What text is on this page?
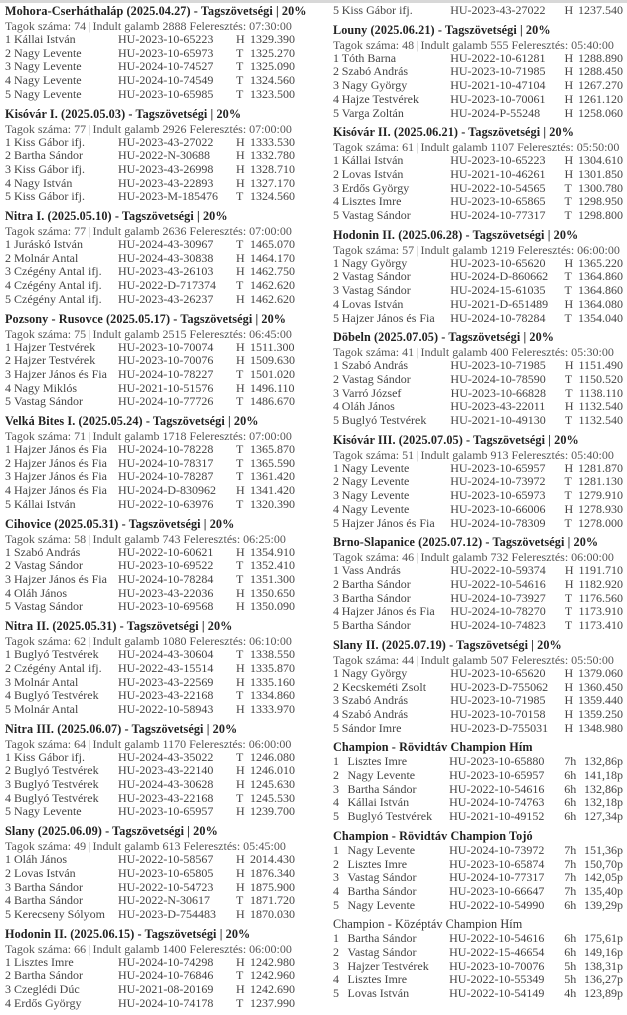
Mohora-Cserháthaláp (2025.04.27) - Tagszövetségi | 20%
Tagok száma: 74 | Indult galamb 2888 Feleresztés: 07:30:00
1 Kállai István	HU-2023-10-65223	H 1329.390
2 Nagy Levente	HU-2023-10-65973	T 1325.270
3 Nagy Levente	HU-2024-10-74527	T 1325.090
4 Nagy Levente	HU-2024-10-74549	T 1324.560
5 Nagy Levente	HU-2023-10-65985	T 1323.500
Kisóvár I. (2025.05.03) - Tagszövetségi | 20%
Tagok száma: 77 | Indult galamb 2926 Feleresztés: 07:00:00
1 Kiss Gábor ifj.	HU-2023-43-27022	H 1333.530
2 Bartha Sándor	HU-2022-N-30688	H 1332.780
3 Kiss Gábor ifj.	HU-2023-43-26998	H 1328.710
4 Nagy István	HU-2023-43-22893	H 1327.170
5 Kiss Gábor ifj.	HU-2023-M-185476	T 1324.560
Nitra I. (2025.05.10) - Tagszövetségi | 20%
Tagok száma: 77 | Indult galamb 2636 Feleresztés: 07:00:00
1 Juráskó István	HU-2024-43-30967	T 1465.070
2 Molnár Antal	HU-2024-43-30838	H 1464.170
3 Czégény Antal ifj.	HU-2023-43-26103	H 1462.750
4 Czégény Antal ifj.	HU-2022-D-717374	T 1462.620
5 Czégény Antal ifj.	HU-2023-43-26237	H 1462.620
Pozsony - Rusovce (2025.05.17) - Tagszövetségi | 20%
Tagok száma: 75 | Indult galamb 2515 Feleresztés: 06:45:00
1 Hajzer Testvérek	HU-2023-10-70074	H 1511.300
2 Hajzer Testvérek	HU-2023-10-70076	H 1509.630
3 Hajzer János és Fia HU-2024-10-78227	T 1501.020
4 Nagy Miklós	HU-2021-10-51576	H 1496.110
5 Vastag Sándor	HU-2024-10-77726	T 1486.670
Velká Bites I. (2025.05.24) - Tagszövetségi | 20%
Tagok száma: 71 | Indult galamb 1718 Feleresztés: 07:00:00
1 Hajzer János és Fia HU-2024-10-78228	T 1365.870
2 Hajzer János és Fia HU-2024-10-78317	T 1365.590
3 Hajzer János és Fia HU-2024-10-78287	T 1361.420
4 Hajzer János és Fia HU-2024-D-830962	H 1341.420
5 Kállai István	HU-2022-10-63976	T 1320.390
Cihovice (2025.05.31) - Tagszövetségi | 20%
Tagok száma: 58 | Indult galamb 743 Feleresztés: 06:25:00
1 Szabó András	HU-2022-10-60621	H 1354.910
2 Vastag Sándor	HU-2023-10-69522	T 1352.410
3 Hajzer János és Fia HU-2024-10-78284	T 1351.300
4 Oláh János	HU-2023-43-22036	H 1350.650
5 Vastag Sándor	HU-2023-10-69568	H 1350.090
Nitra II. (2025.05.31) - Tagszövetségi | 20%
Tagok száma: 62 | Indult galamb 1080 Feleresztés: 06:10:00
1 Buglyó Testvérek	HU-2024-43-30604	T 1338.550
2 Czégény Antal ifj.	HU-2022-43-15514	H 1335.870
3 Molnár Antal	HU-2023-43-22569	H 1335.160
4 Buglyó Testvérek	HU-2023-43-22168	T 1334.860
5 Molnár Antal	HU-2022-10-58943	H 1333.970
Nitra III. (2025.06.07) - Tagszövetségi | 20%
Tagok száma: 64 | Indult galamb 1170 Feleresztés: 06:00:00
1 Kiss Gábor ifj.	HU-2024-43-35022	T 1246.080
2 Buglyó Testvérek	HU-2023-43-22140	H 1246.010
3 Buglyó Testvérek	HU-2024-43-30628	H 1245.630
4 Buglyó Testvérek	HU-2023-43-22168	T 1245.530
5 Nagy Levente	HU-2023-10-65957	H 1239.700
Slany (2025.06.09) - Tagszövetségi | 20%
Tagok száma: 49 | Indult galamb 613 Feleresztés: 05:45:00
1 Oláh János	HU-2022-10-58567	H 2014.430
2 Lovas István	HU-2023-10-65805	H 1876.340
3 Bartha Sándor	HU-2022-10-54723	H 1875.900
4 Bartha Sándor	HU-2022-N-30617	T 1871.720
5 Kerecseny Sólyom	HU-2023-D-754483	H 1870.030
Hodonin II. (2025.06.15) - Tagszövetségi | 20%
Tagok száma: 66 | Indult galamb 1400 Feleresztés: 06:00:00
1 Lisztes Imre	HU-2024-10-74298	H 1242.980
2 Bartha Sándor	HU-2024-10-76846	T 1242.960
3 Czeglédi Dúc	HU-2021-08-20169	H 1242.690
4 Erdős György	HU-2024-10-74178	T 1237.990
5 Kiss Gábor ifj.	HU-2023-43-27022	H 1237.540
Louny (2025.06.21) - Tagszövetségi | 20%
Tagok száma: 48 | Indult galamb 555 Feleresztés: 05:40:00
1 Tóth Barna	HU-2022-10-61281	H 1288.890
2 Szabó András	HU-2023-10-71985	H 1288.450
3 Nagy György	HU-2021-10-47104	H 1267.270
4 Hajze Testvérek	HU-2023-10-70061	H 1261.120
5 Varga Zoltán	HU-2024-P-55248	H 1258.060
Kisóvár II. (2025.06.21) - Tagszövetségi | 20%
Tagok száma: 61 | Indult galamb 1107 Feleresztés: 05:50:00
1 Kállai István	HU-2023-10-65223	H 1304.610
2 Lovas István	HU-2021-10-46261	H 1301.850
3 Erdős György	HU-2022-10-54565	T 1300.780
4 Lisztes Imre	HU-2023-10-65865	T 1298.950
5 Vastag Sándor	HU-2024-10-77317	T 1298.800
Hodonin II. (2025.06.28) - Tagszövetségi | 20%
Tagok száma: 57 | Indult galamb 1219 Feleresztés: 06:00:00
1 Nagy György	HU-2023-10-65620	H 1365.220
2 Vastag Sándor	HU-2024-D-860662	T 1364.860
3 Vastag Sándor	HU-2024-15-61035	T 1364.860
4 Lovas István	HU-2021-D-651489	H 1364.080
5 Hajzer János és Fia	HU-2024-10-78284	T 1354.040
Döbeln (2025.07.05) - Tagszövetségi | 20%
Tagok száma: 41 | Indult galamb 400 Feleresztés: 05:30:00
1 Szabó András	HU-2023-10-71985	H 1151.490
2 Vastag Sándor	HU-2024-10-78590	T 1150.520
3 Varró József	HU-2023-10-66828	T 1138.110
4 Oláh János	HU-2023-43-22011	H 1132.540
5 Buglyó Testvérek	HU-2021-10-49130	T 1132.540
Kisóvár III. (2025.07.05) - Tagszövetségi | 20%
Tagok száma: 51 | Indult galamb 913 Feleresztés: 05:40:00
1 Nagy Levente	HU-2023-10-65957	H 1281.870
2 Nagy Levente	HU-2024-10-73972	T 1281.130
3 Nagy Levente	HU-2023-10-65973	T 1279.910
4 Nagy Levente	HU-2023-10-66006	H 1278.930
5 Hajzer János és Fia	HU-2024-10-78309	T 1278.000
Brno-Slapanice (2025.07.12) - Tagszövetségi | 20%
Tagok száma: 46 | Indult galamb 732 Feleresztés: 06:00:00
1 Vass András	HU-2022-10-59374	H 1191.710
2 Bartha Sándor	HU-2022-10-54616	H 1182.920
3 Bartha Sándor	HU-2024-10-73927	T 1176.560
4 Hajzer János és Fia	HU-2024-10-78270	T 1173.910
5 Bartha Sándor	HU-2024-10-74823	T 1173.410
Slany II. (2025.07.19) - Tagszövetségi | 20%
Tagok száma: 44 | Indult galamb 507 Feleresztés: 05:50:00
1 Nagy György	HU-2023-10-65620	H 1379.060
2 Kecskeméti Zsolt	HU-2023-D-755062	H 1360.450
3 Szabó András	HU-2023-10-71985	H 1359.440
4 Szabó András	HU-2023-10-70158	H 1359.250
5 Sándor Imre	HU-2023-D-755031	H 1348.980
Champion - Rövidtáv Champion Hím
1 Lisztes Imre	HU-2023-10-65880	7h 132,86p
2 Nagy Levente	HU-2023-10-65957	6h 141,18p
3 Bartha Sándor	HU-2022-10-54616	6h 132,86p
4 Kállai István	HU-2024-10-74763	6h 132,18p
5 Buglyó Testvérek	HU-2021-10-49152	6h 127,34p
Champion - Rövidtáv Champion Tojó
1 Nagy Levente	HU-2024-10-73972	7h 151,36p
2 Lisztes Imre	HU-2023-10-65874	7h 150,70p
3 Vastag Sándor	HU-2024-10-77317	7h 142,05p
4 Bartha Sándor	HU-2023-10-66647	7h 135,40p
5 Nagy Levente	HU-2022-10-54990	6h 139,29p
Champion - Középtáv Champion Hím
1 Bartha Sándor	HU-2022-10-54616	6h 175,61p
2 Vastag Sándor	HU-2022-15-46654	6h 149,16p
3 Hajzer Testvérek	HU-2023-10-70076	5h 138,31p
4 Lisztes Imre	HU-2022-10-55349	5h 136,27p
5 Lovas István	HU-2022-10-54149	4h 123,89p
